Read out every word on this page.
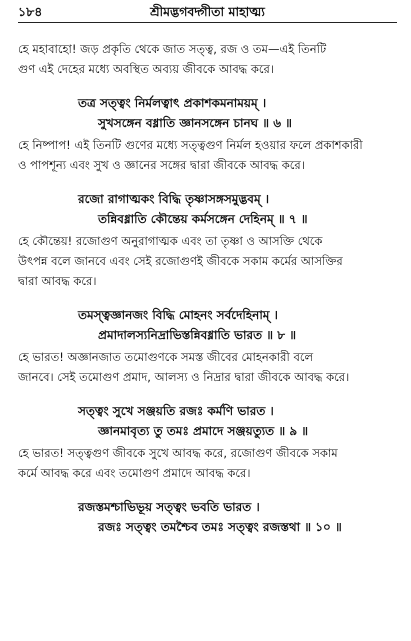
১৮৪	শ্রীমদ্ভগবদ্গীতা মাহাত্ম্য

হে মহাবাহো! জড় প্রকৃতি থেকে জাত সত্ত্ব, রজ ও তম—এই তিনটি

গুণ এই দেহের মধ্যে অবস্থিত অব্যয় জীবকে আবদ্ধ করে।

তত্র সত্ত্বং নির্মলত্বাৎ প্রকাশকমনাময়ম্ ।
সুখসঙ্গেন বধ্নাতি জ্ঞানসঙ্গেন চানঘ ॥ ৬ ॥

হে নিষ্পাপ! এই তিনটি গুণের মধ্যে সত্ত্বগুণ নির্মল হওয়ার ফলে প্রকাশকারী

ও পাপশূন্য এবং সুখ ও জ্ঞানের সঙ্গের দ্বারা জীবকে আবদ্ধ করে।

রজো রাগাত্মকং বিদ্ধি তৃষ্ণাসঙ্গসমুদ্ভবম্ ।
তন্নিবধ্নাতি কৌন্তেয় কর্মসঙ্গেন দেহিনম্ ॥ ৭ ॥

হে কৌন্তেয়! রজোগুণ অনুরাগাত্মক এবং তা তৃষ্ণা ও আসক্তি থেকে

উৎপন্ন বলে জানবে এবং সেই রজোগুণই জীবকে সকাম কর্মের আসক্তির

দ্বারা আবদ্ধ করে।

তমস্ত্বজ্ঞানজং বিদ্ধি মোহনং সর্বদেহিনাম্ ।
প্রমাদালস্যনিদ্রাভিস্তন্নিবধ্নাতি ভারত ॥ ৮ ॥

হে ভারত! অজ্ঞানজাত তমোগুণকে সমস্ত জীবের মোহনকারী বলে

জানবে। সেই তমোগুণ প্রমাদ, আলস্য ও নিদ্রার দ্বারা জীবকে আবদ্ধ করে।

সত্ত্বং সুখে সঞ্জয়তি রজঃ কর্মণি ভারত ।
জ্ঞানমাবৃত্য তু তমঃ প্রমাদে সঞ্জয়ত্যুত ॥ ৯ ॥

হে ভারত! সত্ত্বগুণ জীবকে সুখে আবদ্ধ করে, রজোগুণ জীবকে সকাম

কর্মে আবদ্ধ করে এবং তমোগুণ প্রমাদে আবদ্ধ করে।

রজস্তমশ্চাভিভূয় সত্ত্বং ভবতি ভারত ।
রজঃ সত্ত্বং তমশ্চৈব তমঃ সত্ত্বং রজস্তথা ॥ ১০ ॥
